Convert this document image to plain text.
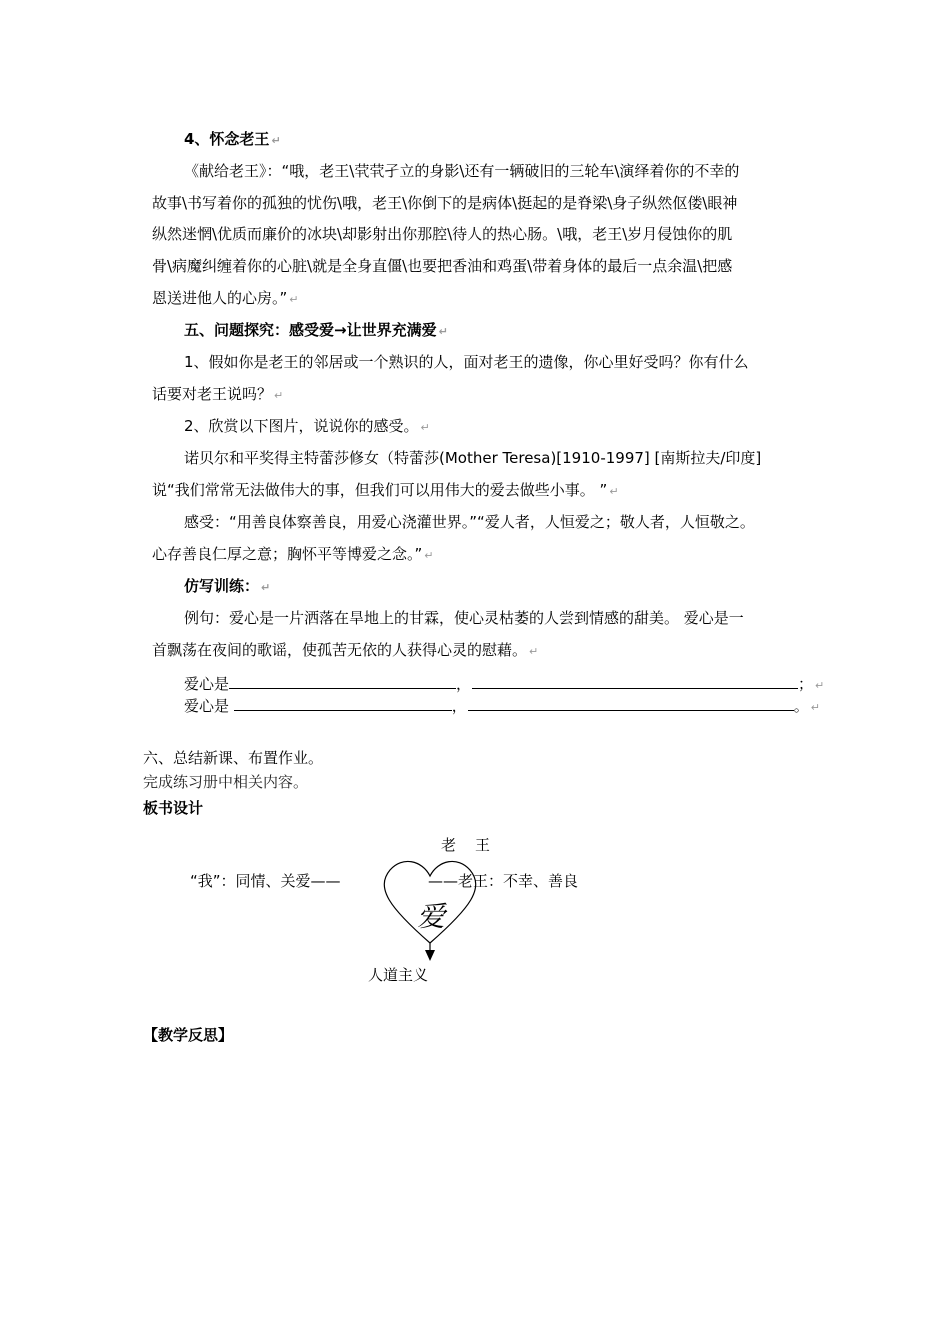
4、怀念老王 ↵
《献给老王》：“哦，老王\茕茕孑立的身影\还有一辆破旧的三轮车\演绎着你的不幸的
故事\书写着你的孤独的忧伤\哦，老王\你倒下的是病体\挺起的是脊梁\身子纵然伛偻\眼神
纵然迷惘\优质而廉价的冰块\却影射出你那腔\待人的热心肠。\哦，老王\岁月侵蚀你的肌
骨\病魔纠缠着你的心脏\就是全身直僵\也要把香油和鸡蛋\带着身体的最后一点余温\把感
恩送进他人的心房。” ↵
五、问题探究：感受爱→让世界充满爱 ↵
1、假如你是老王的邻居或一个熟识的人，面对老王的遗像，你心里好受吗？你有什么
话要对老王说吗？ ↵
2、欣赏以下图片，说说你的感受。 ↵
诺贝尔和平奖得主特蕾莎修女（特蕾莎(Mother Teresa)[1910-1997] [南斯拉夫/印度]
说“我们常常无法做伟大的事，但我们可以用伟大的爱去做些小事。 ” ↵
感受：“用善良体察善良，用爱心浇灌世界。”“爱人者，人恒爱之；敬人者，人恒敬之。
心存善良仁厚之意；胸怀平等博爱之念。” ↵
仿写训练： ↵
例句：爱心是一片洒落在旱地上的甘霖，使心灵枯萎的人尝到情感的甜美。 爱心是一
首飘荡在夜间的歌谣，使孤苦无依的人获得心灵的慰藉。 ↵
爱心是	，	； ↵
爱心是	，	。 ↵
六、总结新课、布置作业。
完成练习册中相关内容。
板书设计
老　王
“我”：同情、关爱——	——老王：不幸、善良
爱
人道主义
【教学反思】
